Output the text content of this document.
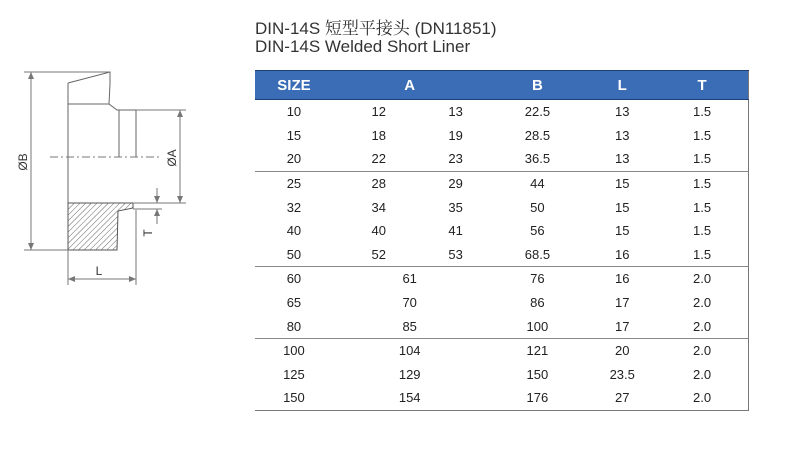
DIN-14S 短型平接头 (DN11851)
DIN-14S Welded Short Liner
ØB	ØA
T
L
SIZE	A		B	L	T
10	12	13	22.5	13	1.5
15	18	19	28.5	13	1.5
20	22	23	36.5	13	1.5
25	28	29	44	15	1.5
32	34	35	50	15	1.5
40	40	41	56	15	1.5
50	52	53	68.5	16	1.5
60	61		76	16	2.0
65	70		86	17	2.0
80	85		100	17	2.0
100	104		121	20	2.0
125	129		150	23.5	2.0
150	154		176	27	2.0
